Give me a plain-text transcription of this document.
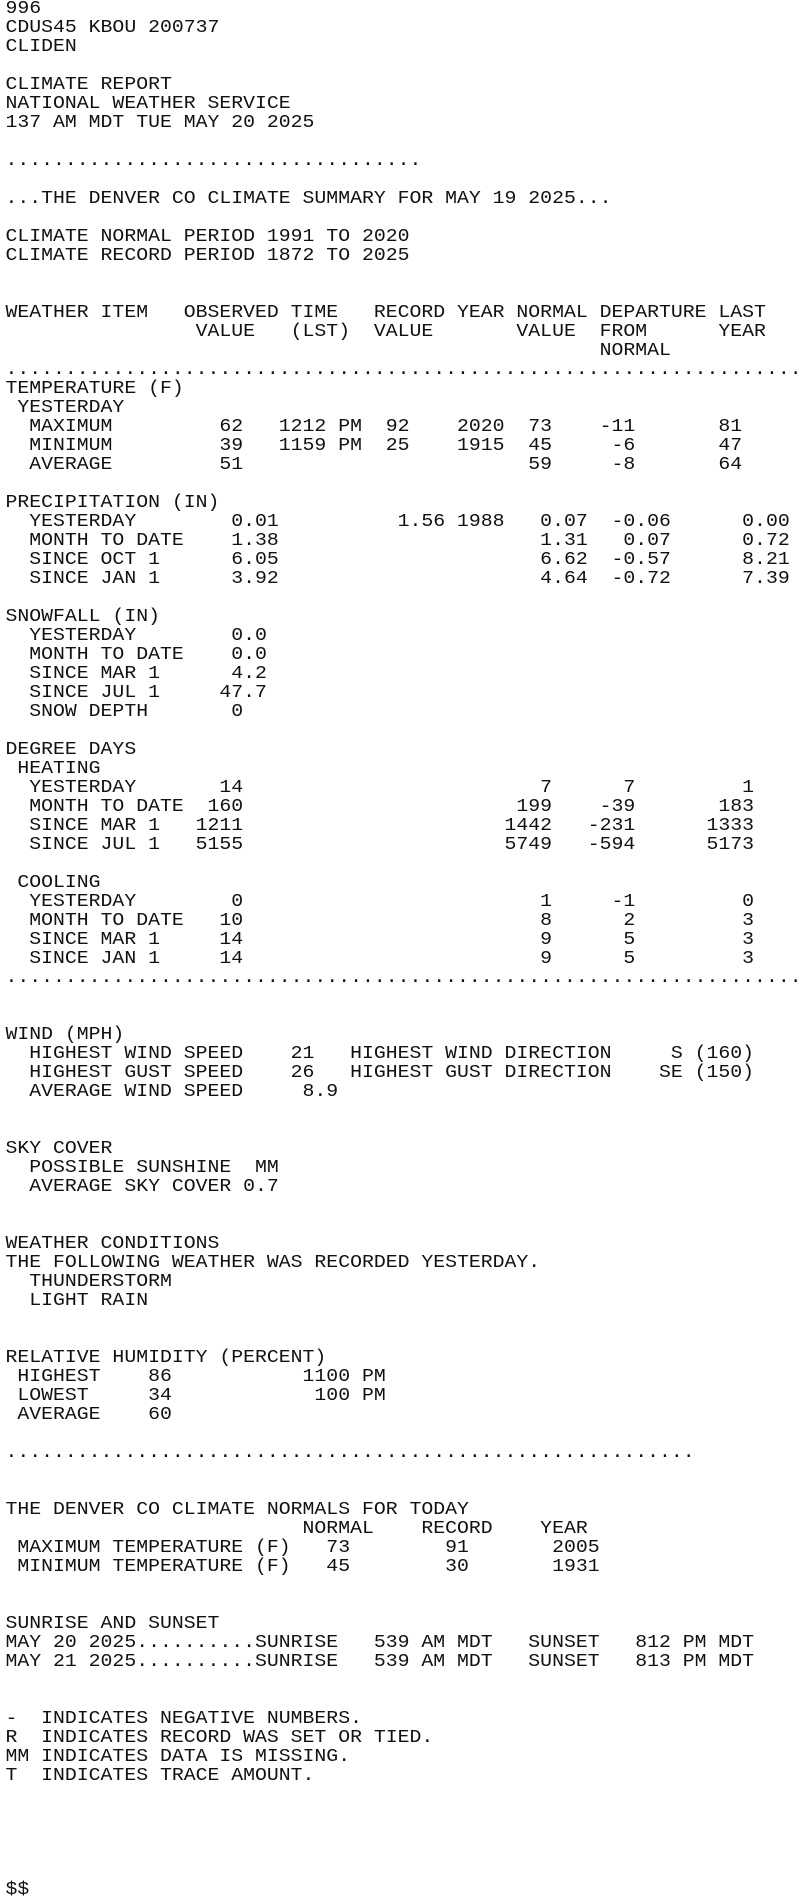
996
CDUS45 KBOU 200737
CLIDEN
CLIMATE REPORT
NATIONAL WEATHER SERVICE
137 AM MDT TUE MAY 20 2025
...................................
...THE DENVER CO CLIMATE SUMMARY FOR MAY 19 2025...
CLIMATE NORMAL PERIOD 1991 TO 2020
CLIMATE RECORD PERIOD 1872 TO 2025
WEATHER ITEM   OBSERVED TIME   RECORD YEAR NORMAL DEPARTURE LAST
VALUE   (LST)  VALUE       VALUE  FROM      YEAR
NORMAL
...................................................................
TEMPERATURE (F)
YESTERDAY
MAXIMUM         62   1212 PM  92    2020  73    -11       81
MINIMUM         39   1159 PM  25    1915  45     -6       47
AVERAGE         51                        59     -8       64
PRECIPITATION (IN)
YESTERDAY        0.01          1.56 1988   0.07  -0.06      0.00
MONTH TO DATE    1.38                      1.31   0.07      0.72
SINCE OCT 1      6.05                      6.62  -0.57      8.21
SINCE JAN 1      3.92                      4.64  -0.72      7.39
SNOWFALL (IN)
YESTERDAY        0.0
MONTH TO DATE    0.0
SINCE MAR 1      4.2
SINCE JUL 1     47.7
SNOW DEPTH       0
DEGREE DAYS
HEATING
YESTERDAY       14                         7      7         1
MONTH TO DATE  160                       199    -39       183
SINCE MAR 1   1211                      1442   -231      1333
SINCE JUL 1   5155                      5749   -594      5173
COOLING
YESTERDAY        0                         1     -1         0
MONTH TO DATE   10                         8      2         3
SINCE MAR 1     14                         9      5         3
SINCE JAN 1     14                         9      5         3
...................................................................
WIND (MPH)
HIGHEST WIND SPEED    21   HIGHEST WIND DIRECTION     S (160)
HIGHEST GUST SPEED    26   HIGHEST GUST DIRECTION    SE (150)
AVERAGE WIND SPEED     8.9
SKY COVER
POSSIBLE SUNSHINE  MM
AVERAGE SKY COVER 0.7
WEATHER CONDITIONS
THE FOLLOWING WEATHER WAS RECORDED YESTERDAY.
THUNDERSTORM
LIGHT RAIN
RELATIVE HUMIDITY (PERCENT)
HIGHEST    86           1100 PM
LOWEST     34            100 PM
AVERAGE    60
..........................................................
THE DENVER CO CLIMATE NORMALS FOR TODAY
NORMAL    RECORD    YEAR
MAXIMUM TEMPERATURE (F)   73        91       2005
MINIMUM TEMPERATURE (F)   45        30       1931
SUNRISE AND SUNSET
MAY 20 2025..........SUNRISE   539 AM MDT   SUNSET   812 PM MDT
MAY 21 2025..........SUNRISE   539 AM MDT   SUNSET   813 PM MDT
-  INDICATES NEGATIVE NUMBERS.
R  INDICATES RECORD WAS SET OR TIED.
MM INDICATES DATA IS MISSING.
T  INDICATES TRACE AMOUNT.
$$
